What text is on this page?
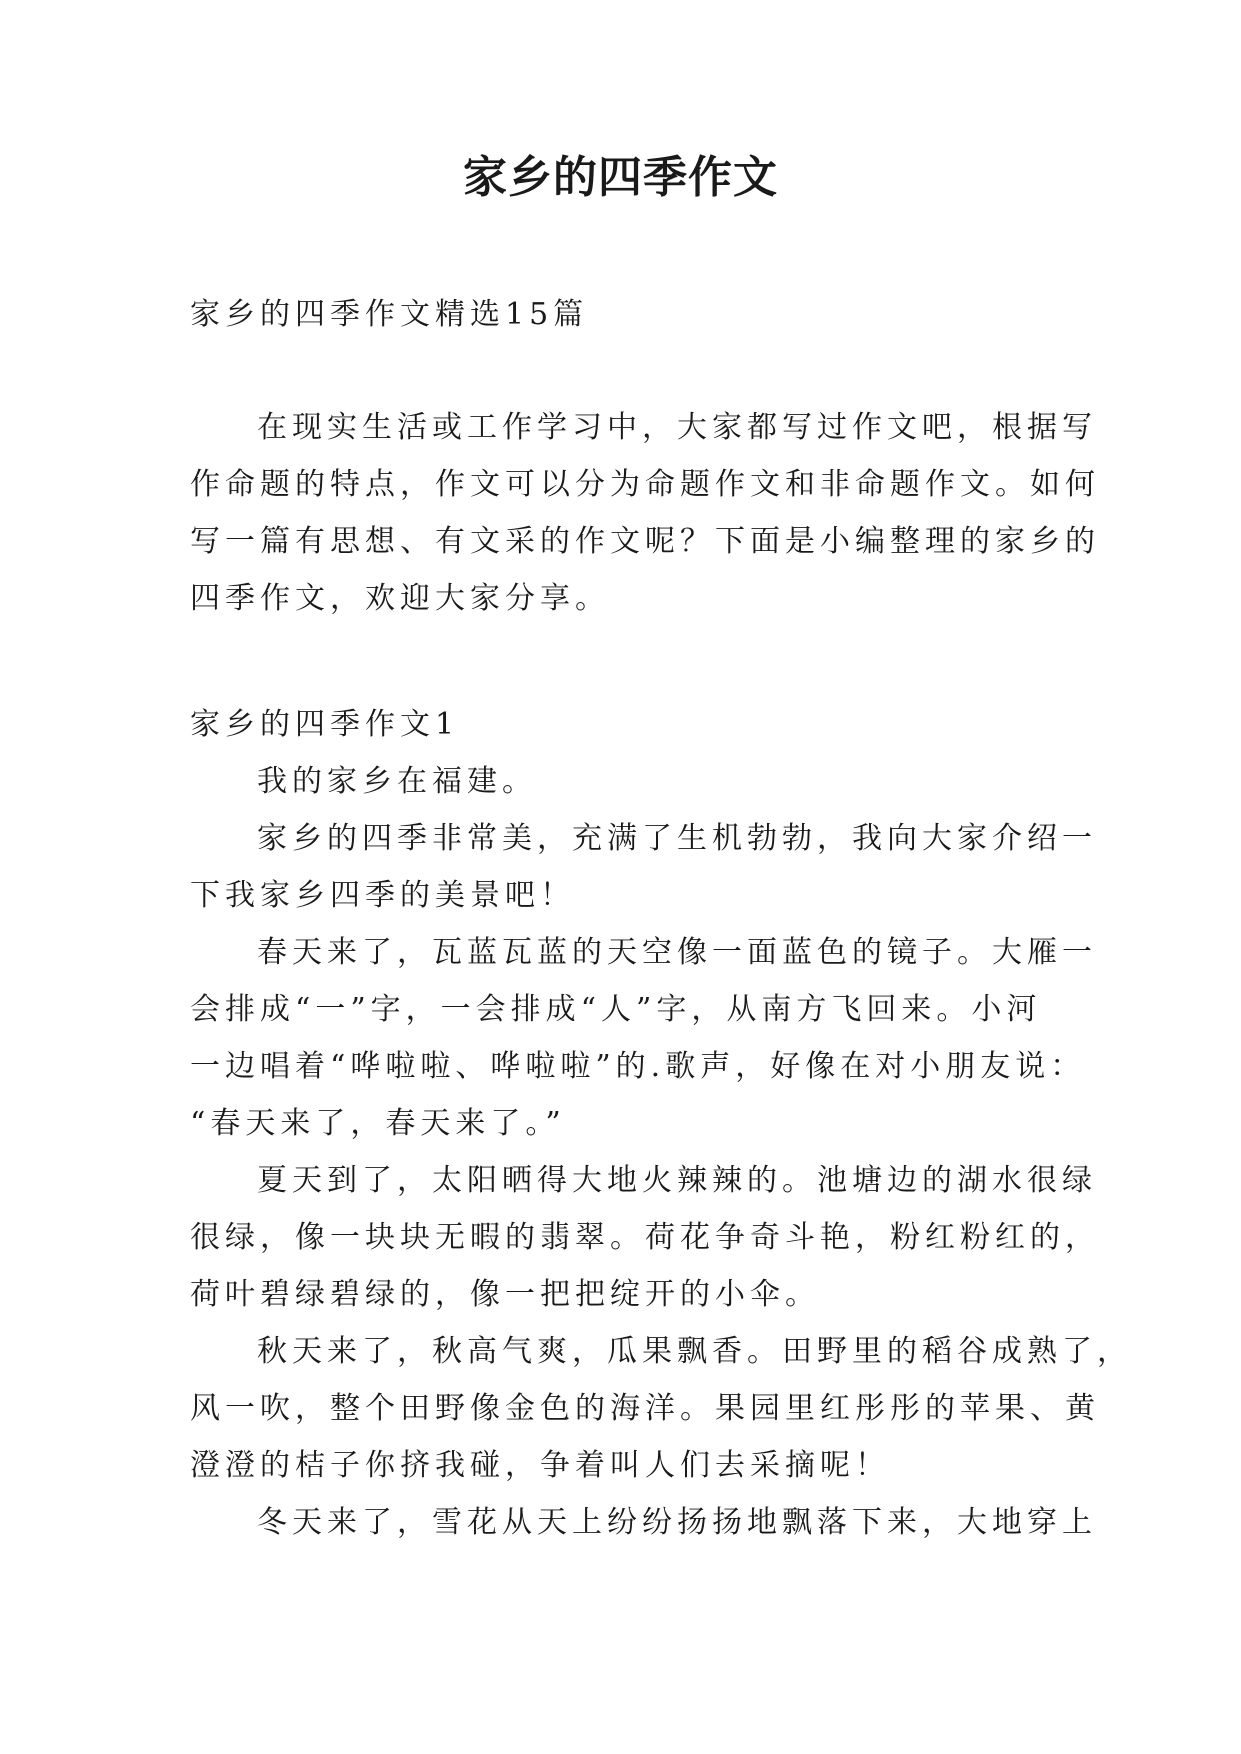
家乡的四季作文

家乡的四季作文精选15篇

在现实生活或工作学习中，大家都写过作文吧，根据写

作命题的特点，作文可以分为命题作文和非命题作文。如何

写一篇有思想、有文采的作文呢？下面是小编整理的家乡的

四季作文，欢迎大家分享。

家乡的四季作文1

我的家乡在福建。

家乡的四季非常美，充满了生机勃勃，我向大家介绍一

下我家乡四季的美景吧！

春天来了，瓦蓝瓦蓝的天空像一面蓝色的镜子。大雁一

会排成“一”字，一会排成“人”字，从南方飞回来。小河

一边唱着“哗啦啦、哗啦啦”的.歌声，好像在对小朋友说：

“春天来了，春天来了。”

夏天到了，太阳晒得大地火辣辣的。池塘边的湖水很绿

很绿，像一块块无暇的翡翠。荷花争奇斗艳，粉红粉红的，

荷叶碧绿碧绿的，像一把把绽开的小伞。

秋天来了，秋高气爽，瓜果飘香。田野里的稻谷成熟了，

风一吹，整个田野像金色的海洋。果园里红彤彤的苹果、黄

澄澄的桔子你挤我碰，争着叫人们去采摘呢！

冬天来了，雪花从天上纷纷扬扬地飘落下来，大地穿上
